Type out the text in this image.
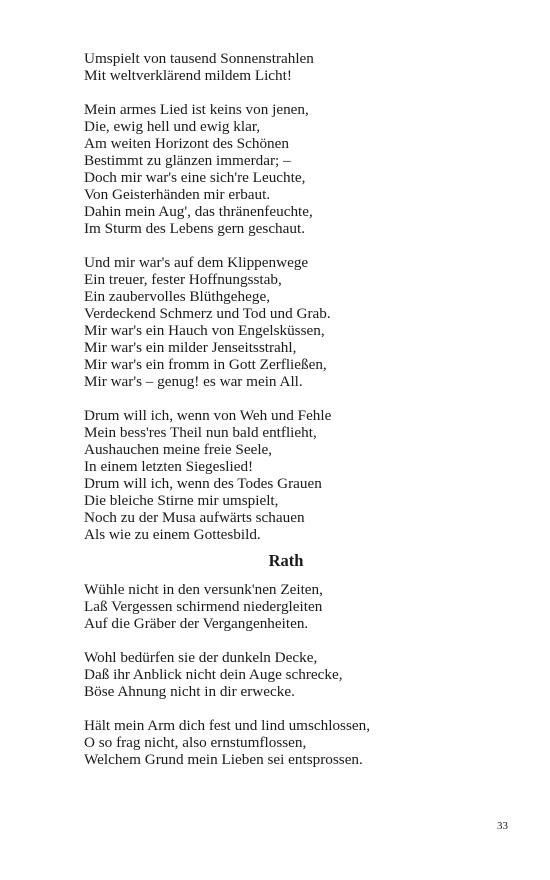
Umspielt von tausend Sonnenstrahlen
Mit weltverklärend mildem Licht!
Mein armes Lied ist keins von jenen,
Die, ewig hell und ewig klar,
Am weiten Horizont des Schönen
Bestimmt zu glänzen immerdar; –
Doch mir war's eine sich're Leuchte,
Von Geisterhänden mir erbaut.
Dahin mein Aug', das thränenfeuchte,
Im Sturm des Lebens gern geschaut.
Und mir war's auf dem Klippenwege
Ein treuer, fester Hoffnungsstab,
Ein zaubervolles Blüthgehege,
Verdeckend Schmerz und Tod und Grab.
Mir war's ein Hauch von Engelsküssen,
Mir war's ein milder Jenseitsstrahl,
Mir war's ein fromm in Gott Zerfließen,
Mir war's – genug! es war mein All.
Drum will ich, wenn von Weh und Fehle
Mein bess'res Theil nun bald entflieht,
Aushauchen meine freie Seele,
In einem letzten Siegeslied!
Drum will ich, wenn des Todes Grauen
Die bleiche Stirne mir umspielt,
Noch zu der Musa aufwärts schauen
Als wie zu einem Gottesbild.
Rath
Wühle nicht in den versunk'nen Zeiten,
Laß Vergessen schirmend niedergleiten
Auf die Gräber der Vergangenheiten.
Wohl bedürfen sie der dunkeln Decke,
Daß ihr Anblick nicht dein Auge schrecke,
Böse Ahnung nicht in dir erwecke.
Hält mein Arm dich fest und lind umschlossen,
O so frag nicht, also ernstumflossen,
Welchem Grund mein Lieben sei entsprossen.
33
